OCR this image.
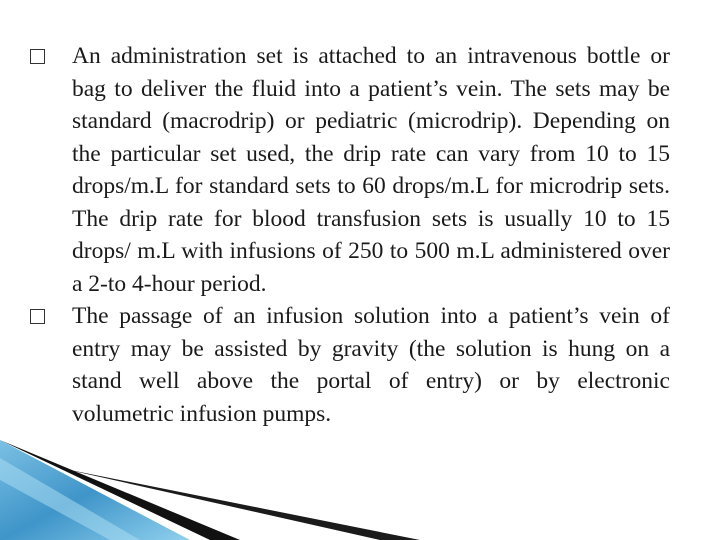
An administration set is attached to an intravenous bottle or bag to deliver the fluid into a patient’s vein. The sets may be standard (macrodrip) or pediatric (microdrip). Depending on the particular set used, the drip rate can vary from 10 to 15 drops/m.L for standard sets to 60 drops/m.L for microdrip sets. The drip rate for blood transfusion sets is usually 10 to 15 drops/ m.L with infusions of 250 to 500 m.L administered over a 2-to 4-hour period.

The passage of an infusion solution into a patient’s vein of entry may be assisted by gravity (the solution is hung on a stand well above the portal of entry) or by electronic volumetric infusion pumps.
